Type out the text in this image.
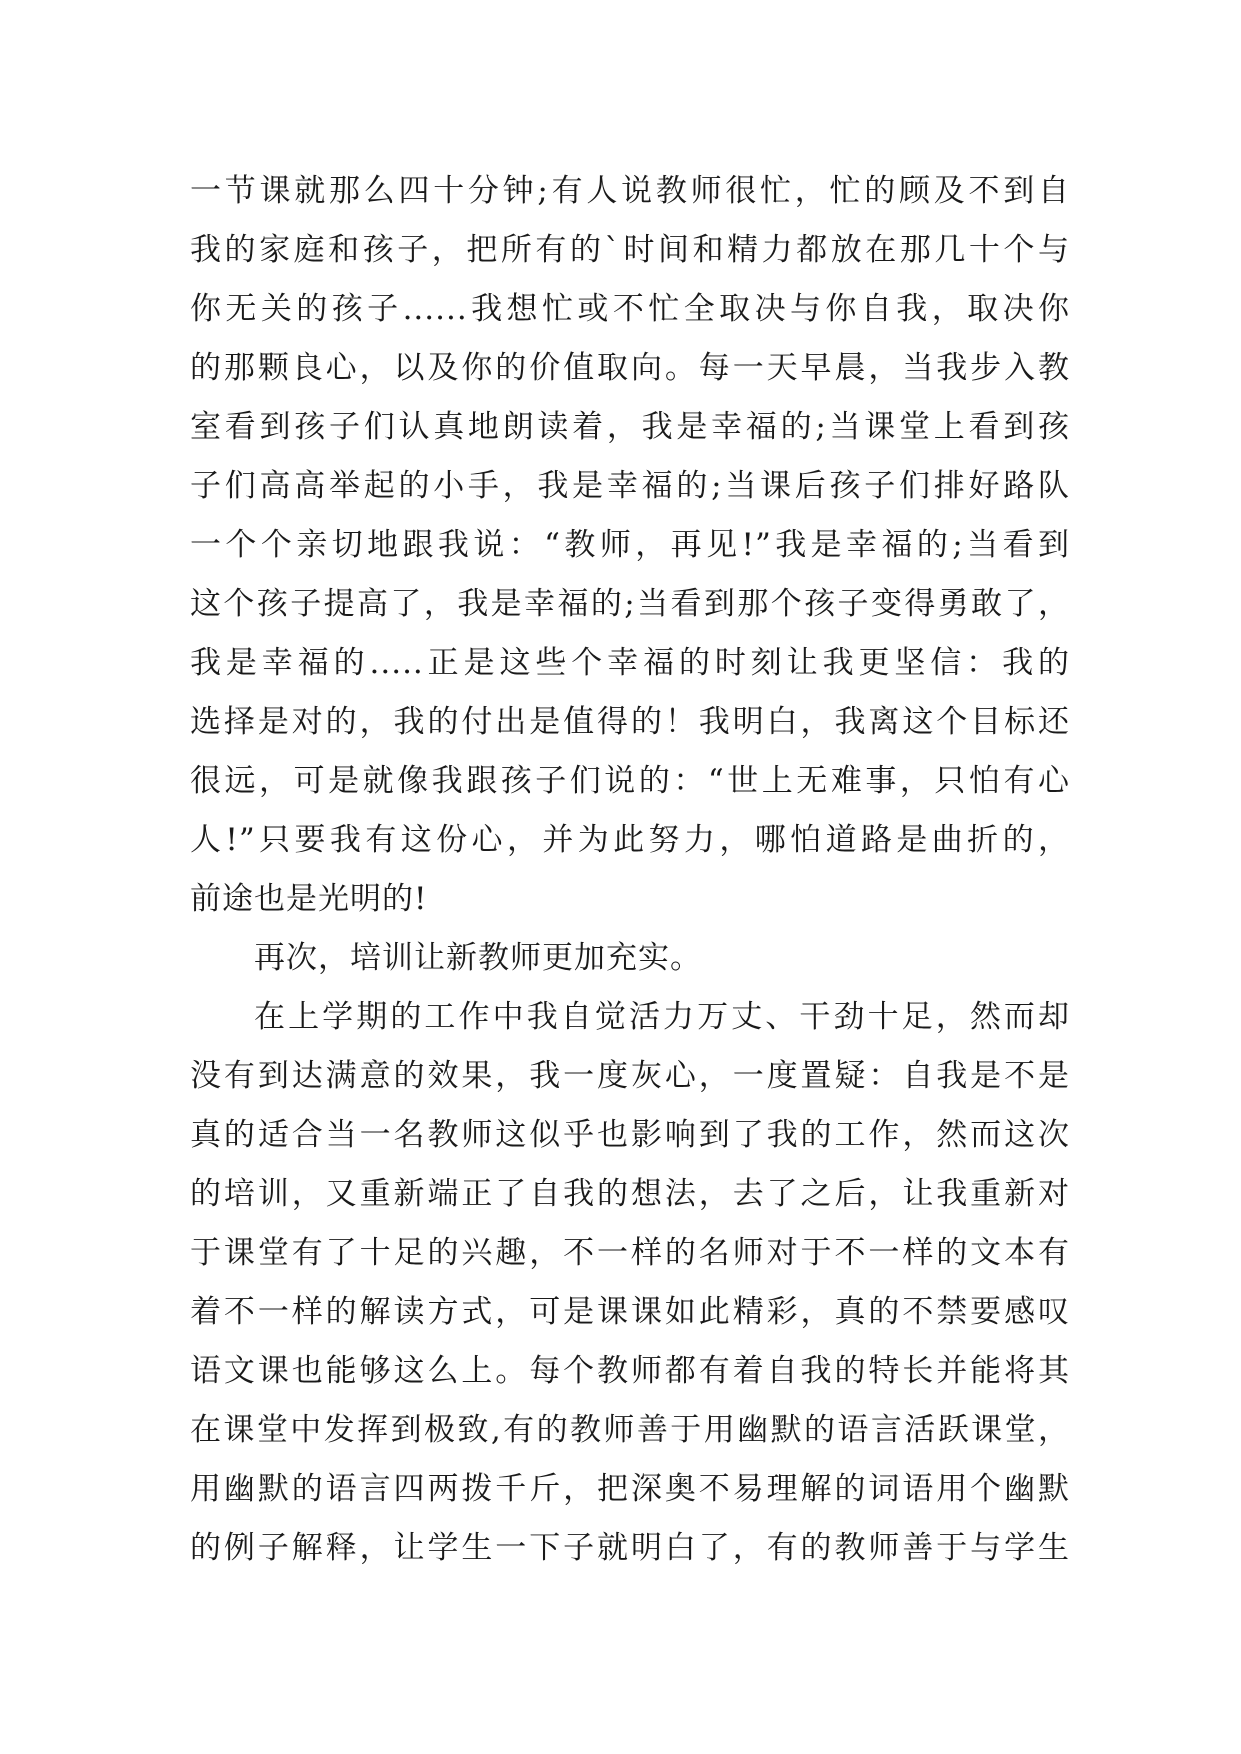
一节课就那么四十分钟;有人说教师很忙，忙的顾及不到自
我的家庭和孩子，把所有的`时间和精力都放在那几十个与
你无关的孩子......我想忙或不忙全取决与你自我，取决你
的那颗良心，以及你的价值取向。每一天早晨，当我步入教
室看到孩子们认真地朗读着，我是幸福的;当课堂上看到孩
子们高高举起的小手，我是幸福的;当课后孩子们排好路队
一个个亲切地跟我说：“教师，再见!”我是幸福的;当看到
这个孩子提高了，我是幸福的;当看到那个孩子变得勇敢了，
我是幸福的.....正是这些个幸福的时刻让我更坚信：我的
选择是对的，我的付出是值得的！我明白，我离这个目标还
很远，可是就像我跟孩子们说的：“世上无难事，只怕有心
人!”只要我有这份心，并为此努力，哪怕道路是曲折的，
前途也是光明的!
再次，培训让新教师更加充实。
在上学期的工作中我自觉活力万丈、干劲十足，然而却
没有到达满意的效果，我一度灰心，一度置疑：自我是不是
真的适合当一名教师这似乎也影响到了我的工作，然而这次
的培训，又重新端正了自我的想法，去了之后，让我重新对
于课堂有了十足的兴趣，不一样的名师对于不一样的文本有
着不一样的解读方式，可是课课如此精彩，真的不禁要感叹
语文课也能够这么上。每个教师都有着自我的特长并能将其
在课堂中发挥到极致,有的教师善于用幽默的语言活跃课堂，
用幽默的语言四两拨千斤，把深奥不易理解的词语用个幽默
的例子解释，让学生一下子就明白了，有的教师善于与学生
